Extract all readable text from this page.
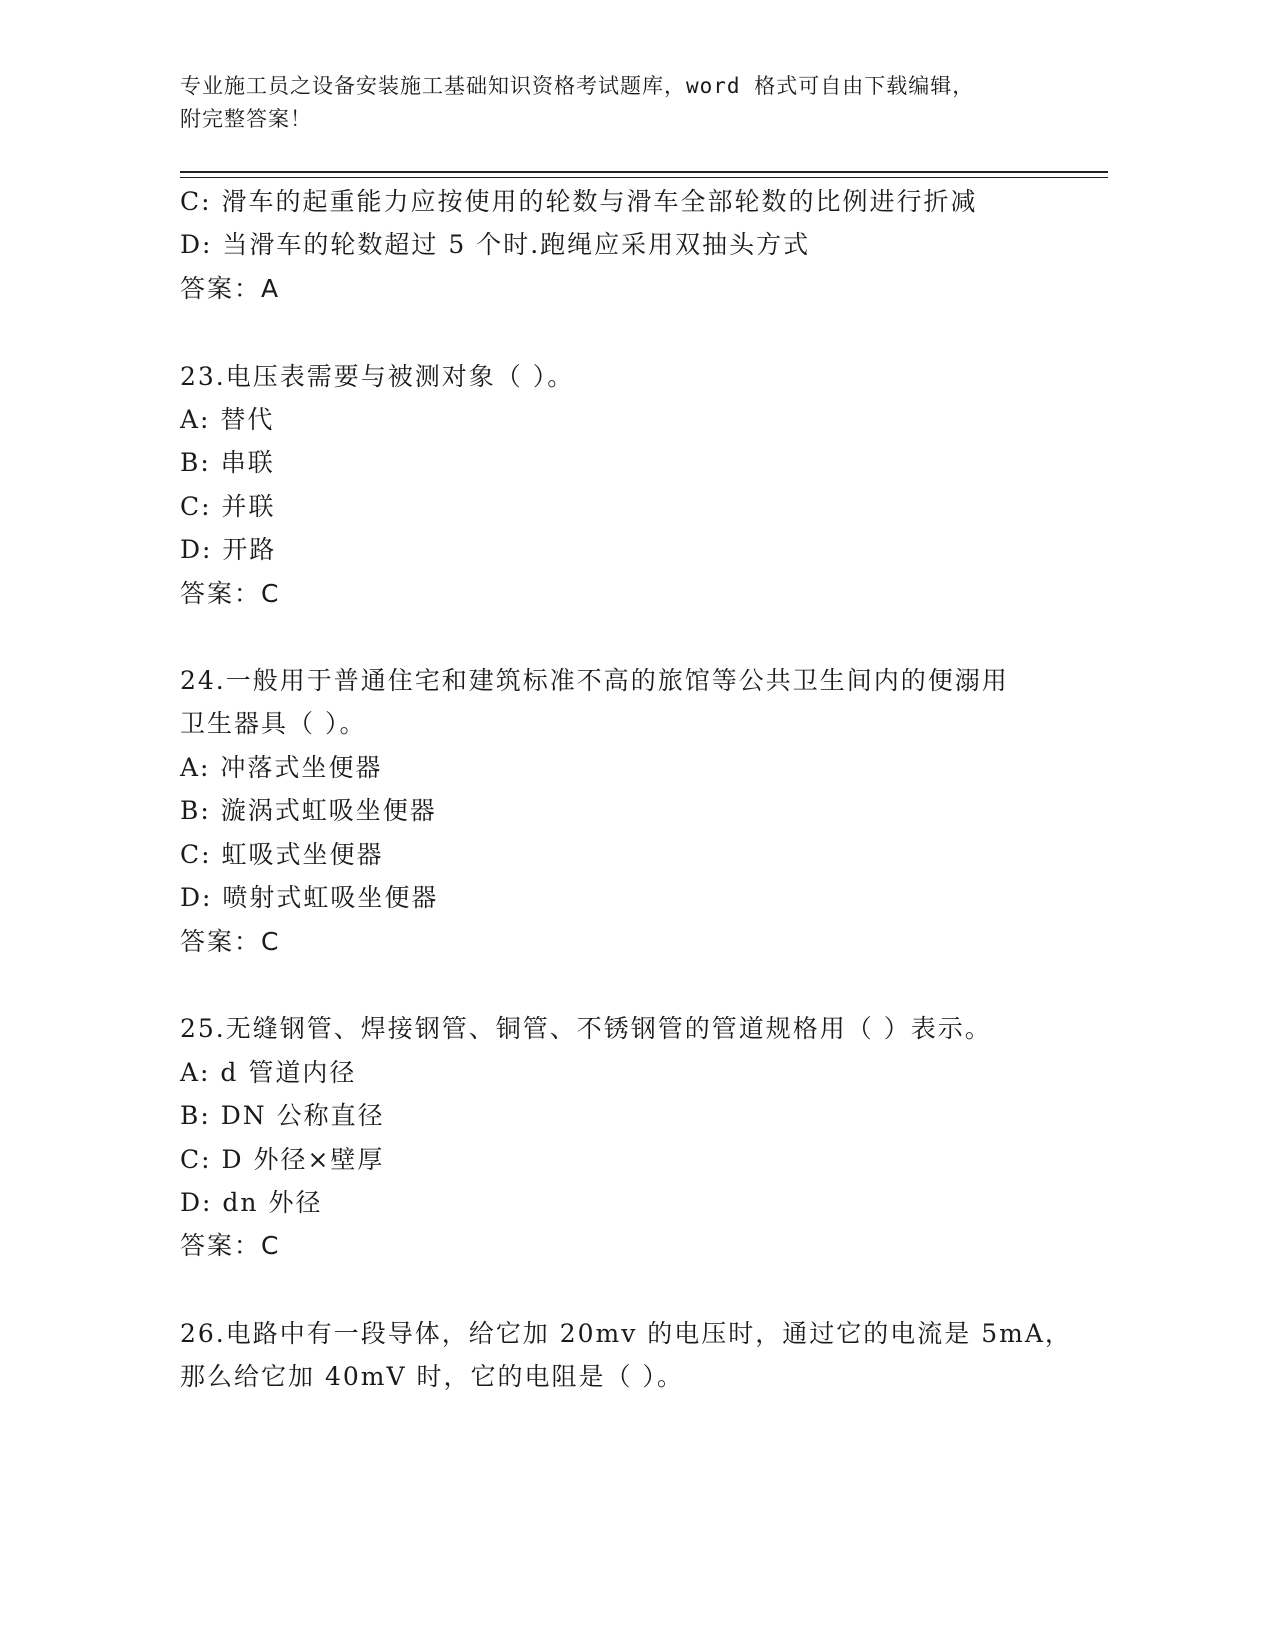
专业施工员之设备安装施工基础知识资格考试题库，word 格式可自由下载编辑，
附完整答案！
C: 滑车的起重能力应按使用的轮数与滑车全部轮数的比例进行折减
D: 当滑车的轮数超过 5 个时.跑绳应采用双抽头方式
答案：A
23.电压表需要与被测对象（ ）。
A: 替代
B: 串联
C: 并联
D: 开路
答案：C
24.一般用于普通住宅和建筑标准不高的旅馆等公共卫生间内的便溺用
卫生器具（ ）。
A: 冲落式坐便器
B: 漩涡式虹吸坐便器
C: 虹吸式坐便器
D: 喷射式虹吸坐便器
答案：C
25.无缝钢管、焊接钢管、铜管、不锈钢管的管道规格用（ ）表示。
A: d 管道内径
B: DN 公称直径
C: D 外径×壁厚
D: dn 外径
答案：C
26.电路中有一段导体，给它加 20mv 的电压时，通过它的电流是 5mA，
那么给它加 40mV 时，它的电阻是（ ）。
